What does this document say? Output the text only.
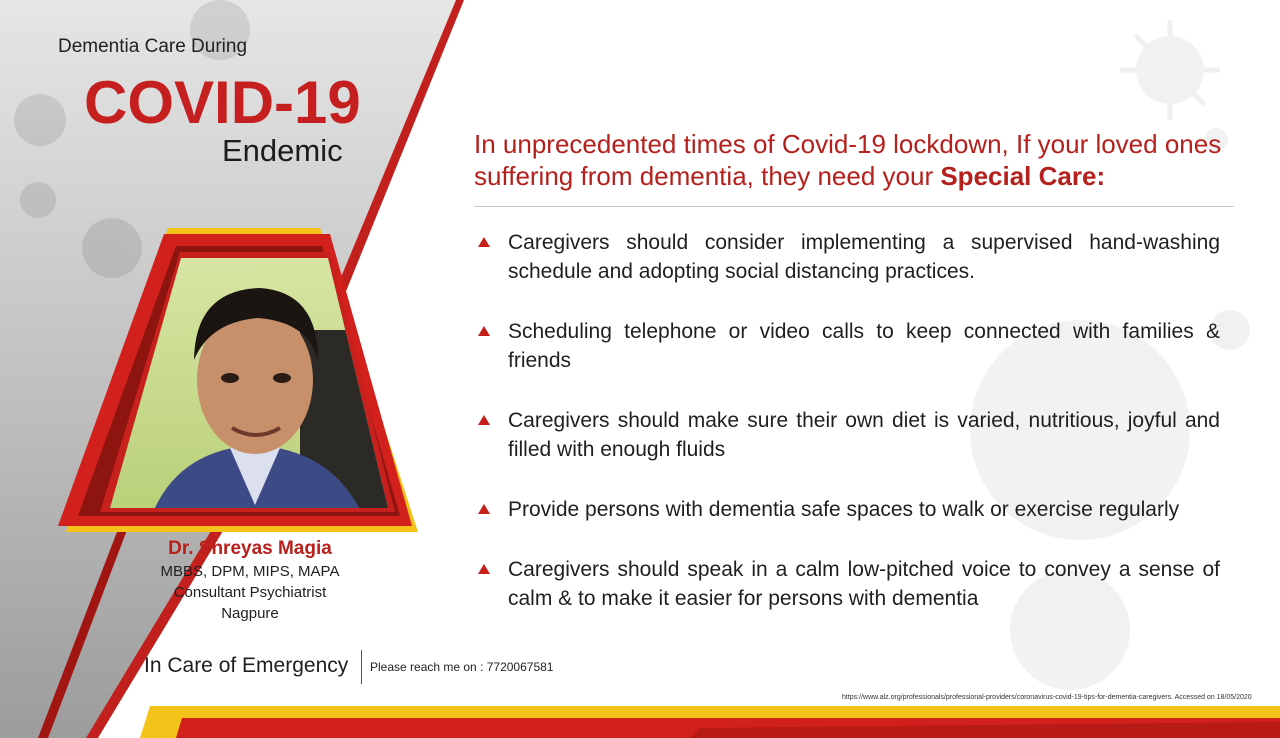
Dementia Care During
COVID-19
Endemic	In unprecedented times of Covid-19 lockdown, If your loved ones suffering from dementia, they need your Special Care:
Caregivers should consider implementing a supervised hand-washing schedule and adopting social distancing practices.
Scheduling telephone or video calls to keep connected with families & friends
Caregivers should make sure their own diet is varied, nutritious, joyful and filled with enough fluids
Provide persons with dementia safe spaces to walk or exercise regularly
Caregivers should speak in a calm low-pitched voice to convey a sense of calm & to make it easier for persons with dementia
Dr. Shreyas Magia
MBBS, DPM, MIPS, MAPA
Consultant Psychiatrist
Nagpure
In Care of Emergency Please reach me on : 7720067581
https://www.alz.org/professionals/professional-providers/coronavirus-covid-19-tips-for-dementia-caregivers. Accessed on 18/05/2020
